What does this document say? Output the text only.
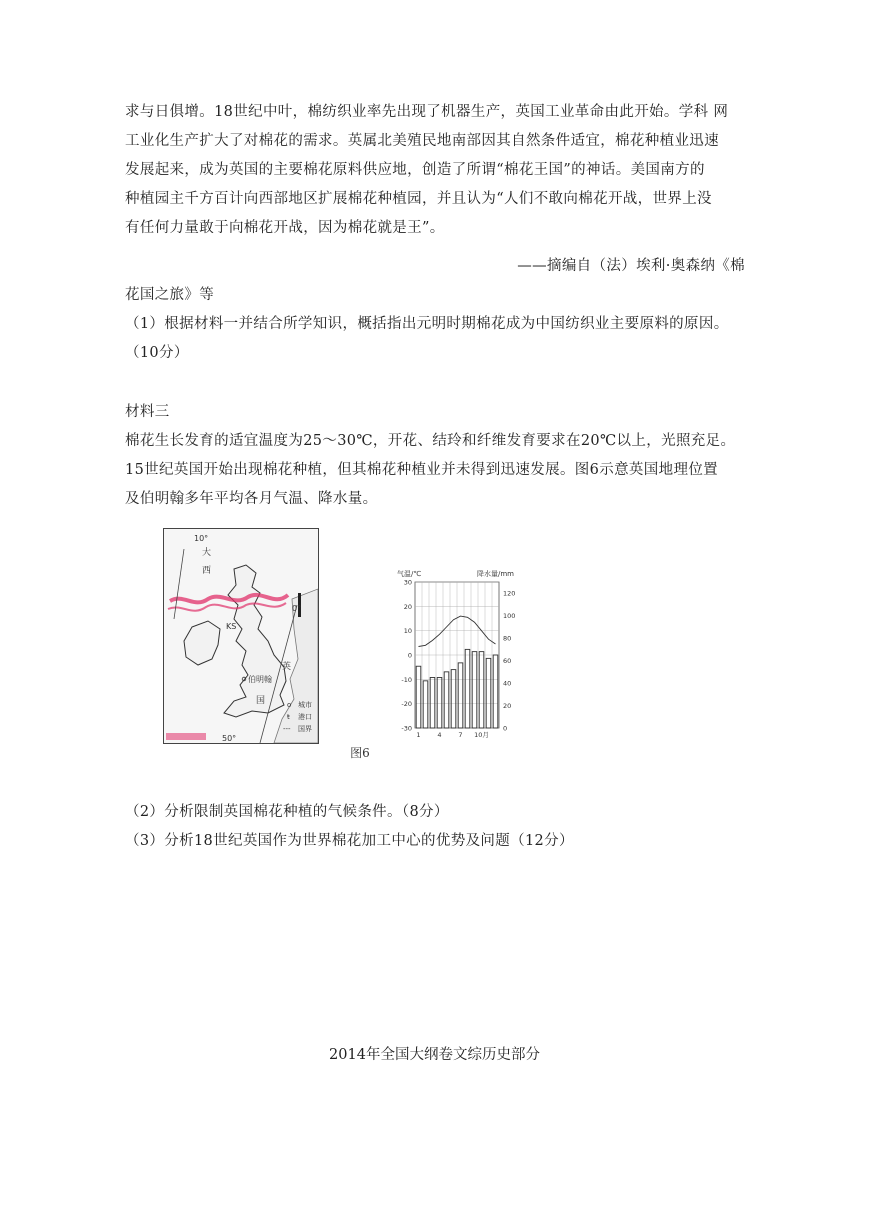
求与日俱增。18世纪中叶，棉纺织业率先出现了机器生产，英国工业革命由此开始。学科 网
工业化生产扩大了对棉花的需求。英属北美殖民地南部因其自然条件适宜，棉花种植业迅速
发展起来，成为英国的主要棉花原料供应地，创造了所谓“棉花王国”的神话。美国南方的
种植园主千方百计向西部地区扩展棉花种植园，并且认为“人们不敢向棉花开战，世界上没
有任何力量敢于向棉花开战，因为棉花就是王”。
——摘编自（法）埃利·奥森纳《棉
花国之旅》等
（1）根据材料一并结合所学知识，概括指出元明时期棉花成为中国纺织业主要原料的原因。
（10分）
材料三
棉花生长发育的适宜温度为25～30℃，开花、结玲和纤维发育要求在20℃以上，光照充足。
15世纪英国开始出现棉花种植，但其棉花种植业并未得到迅速发展。图6示意英国地理位置
及伯明翰多年平均各月气温、降水量。
10°
大
西
0°
KS
英
伯明翰
国
50°
o 城市
ŧ 港口
--- 国界
气温/℃	降水量/mm
30
20
10
0
-10
-20
-30
120
100
80
60
40
20
0
1	4	7 10月
图6
（2）分析限制英国棉花种植的气候条件。（8分）
（3）分析18世纪英国作为世界棉花加工中心的优势及问题（12分）
2014年全国大纲卷文综历史部分
